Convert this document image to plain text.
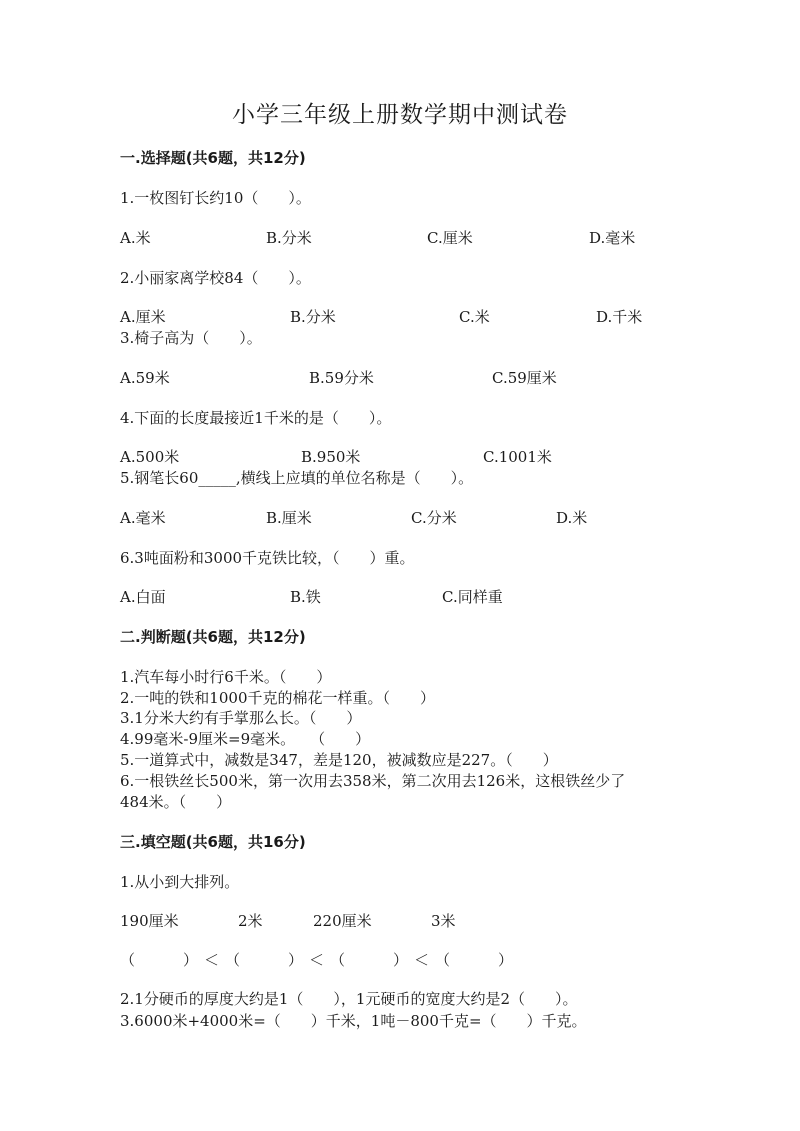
小学三年级上册数学期中测试卷
一.选择题(共6题，共12分)
1.一枚图钉长约10（　　）。
A.米	B.分米	C.厘米	D.毫米
2.小丽家离学校84（　　）。
A.厘米	B.分米	C.米	D.千米
3.椅子高为（　　）。
A.59米	B.59分米	C.59厘米
4.下面的长度最接近1千米的是（　　）。
A.500米	B.950米	C.1001米
5.钢笔长60_____,横线上应填的单位名称是（　　）。
A.毫米	B.厘米	C.分米	D.米
6.3吨面粉和3000千克铁比较，（　　）重。
A.白面	B.铁	C.同样重
二.判断题(共6题，共12分)
1.汽车每小时行6千米。（　　）
2.一吨的铁和1000千克的棉花一样重。（　　）
3.1分米大约有手掌那么长。（　　）
4.99毫米-9厘米=9毫米。　　（　　）
5.一道算式中，减数是347，差是120，被减数应是227。（　　）
6.一根铁丝长500米，第一次用去358米，第二次用去126米，这根铁丝少了
484米。（　　）
三.填空题(共6题，共16分)
1.从小到大排列。
190厘米	2米	220厘米	3米
（　　）＜（　　）＜（　　）＜（　　）
2.1分硬币的厚度大约是1（　　），1元硬币的宽度大约是2（　　）。
3.6000米+4000米=（　　）千米，1吨－800千克=（　　）千克。
